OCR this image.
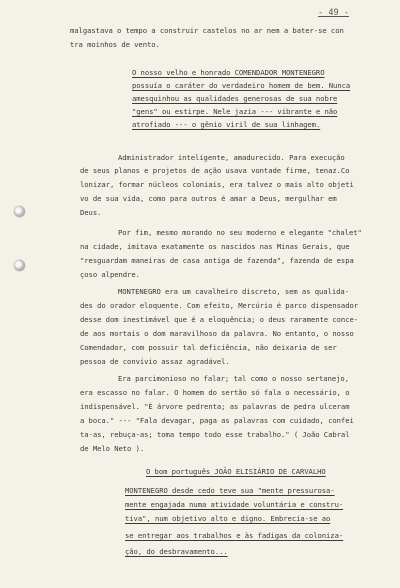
- 49 -
malgastava o tempo a construir castelos no ar nem a bater-se con
tra moinhos de vento.
O nosso velho e honrado COMENDADOR MONTENEGRO
possuía o caráter do verdadeiro homem de bem. Nunca
amesquinhou as qualidades generosas de sua nobre
"gens" ou estirpe. Nele jazia --- vibrante e não
atrofiado --- o gênio viril de sua linhagem.
Administrador inteligente, amadurecido. Para execução
de seus planos e projetos de ação usava vontade firme, tenaz.Co
lonizar, formar núcleos coloniais, era talvez o mais alto objeti
vo de sua vida, como para outros é amar a Deus, mergulhar em
Deus.
Por fim, mesmo morando no seu moderno e elegante "chalet"
na cidade, imitava exatamente os nascidos nas Minas Gerais, que
"resguardam maneiras de casa antiga de fazenda", fazenda de espa
çoso alpendre.
MONTENEGRO era um cavalheiro discreto, sem as qualida-
des do orador eloquente. Com efeito, Mercúrio é parco dispensador
desse dom inestimável que é a eloquência; o deus raramente conce-
de aos mortais o dom maravilhoso da palavra. No entanto, o nosso
Comendador, com possuir tal deficiência, não deixaria de ser
pessoa de convívio assaz agradável.
Era parcimonioso no falar; tal como o nosso sertanejo,
era escasso no falar. O homem do sertão só fala o necessário, o
indispensável. "É árvore pedrenta; as palavras de pedra ulceram
a boca." --- "Fala devagar, paga as palavras com cuidado, confei
ta-as, rebuça-as; toma tempo todo esse trabalho." ( João Cabral
de Melo Neto ).
O bom português JOÃO ELISIÁRIO DE CARVALHO
MONTENEGRO desde cedo teve sua "mente pressurosa-
mente engajada numa atividade voluntária e constru-
tiva", num objetivo alto e digno. Embrecia-se ao
se entregar aos trabalhos e às fadigas da coloniza-
ção, do desbravamento...
